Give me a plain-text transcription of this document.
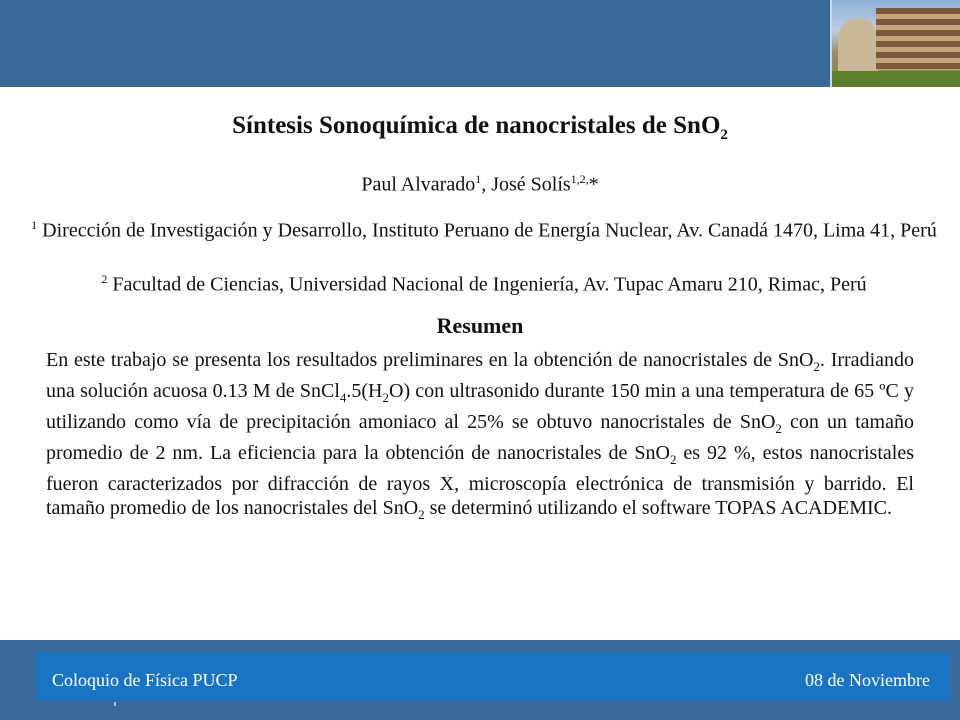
Síntesis Sonoquímica de nanocristales de SnO$_2$
Paul Alvarado$^1$, José Solís$^{1,2,}$*
$^1$ Dirección de Investigación y Desarrollo, Instituto Peruano de Energía Nuclear, Av. Canadá 1470, Lima 41, Perú
$^2$ Facultad de Ciencias, Universidad Nacional de Ingeniería, Av. Tupac Amaru 210, Rimac, Perú
Resumen
En este trabajo se presenta los resultados preliminares en la obtención de nanocristales de SnO$_2$. Irradiando una solución acuosa 0.13 M de $SnCl_4.5(H_2O)$ con ultrasonido durante 150 min a una temperatura de 65 ºC y utilizando como vía de precipitación amoniaco al 25% se obtuvo nanocristales de SnO$_2$ con un tamaño promedio de 2 nm. La eficiencia para la obtención de nanocristales de SnO$_2$ es 92 %, estos nanocristales fueron caracterizados por difracción de rayos X, microscopía electrónica de transmisión y barrido. El tamaño promedio de los nanocristales del SnO$_2$ se determinó utilizando el software TOPAS ACADEMIC.
Coloquio de Física PUCP	08 de Noviembre
